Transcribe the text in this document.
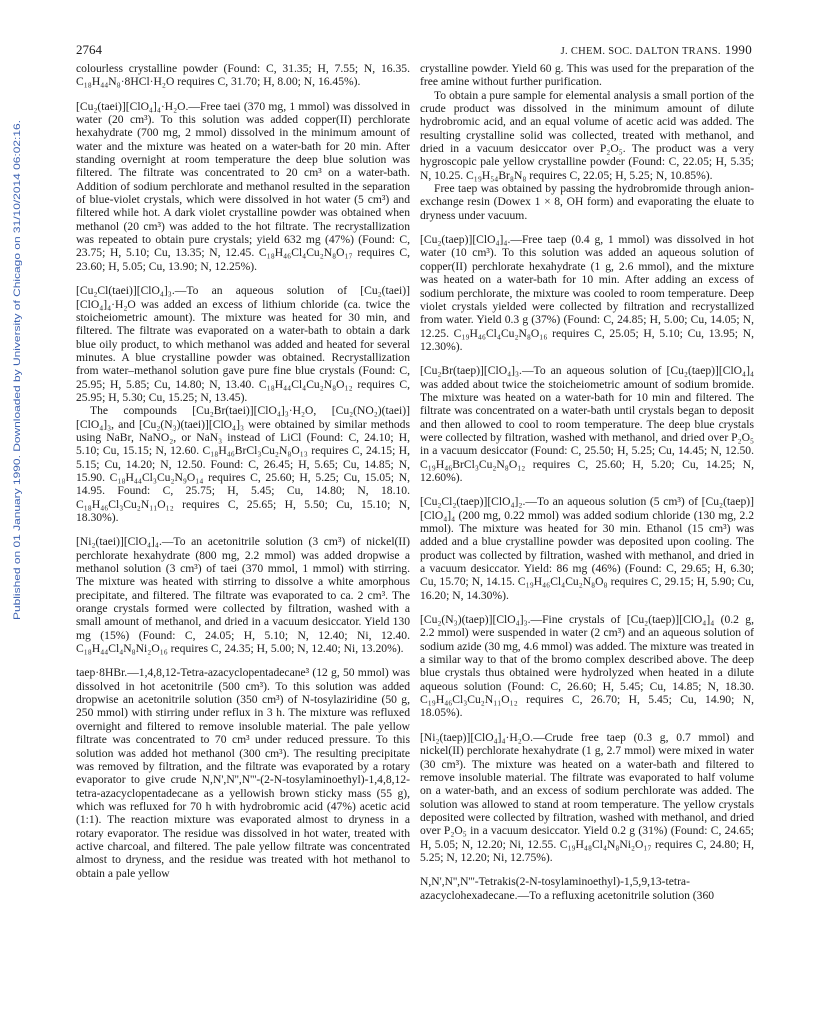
2764	J. CHEM. SOC. DALTON TRANS. 1990
Published on 01 January 1990. Downloaded by University of Chicago on 31/10/2014 06:02:16.

colourless crystalline powder (Found: C, 31.35; H, 7.55; N, 16.35. C₁₈H₄₄N₈·8HCl·H₂O requires C, 31.70; H, 8.00; N, 16.45%).

[Cu₂(taei)][ClO₄]₄·H₂O.—Free taei (370 mg, 1 mmol) was dissolved in water (20 cm³). To this solution was added copper(II) perchlorate hexahydrate (700 mg, 2 mmol) dissolved in the minimum amount of water and the mixture was heated on a water-bath for 20 min. After standing overnight at room temperature the deep blue solution was filtered. The filtrate was concentrated to 20 cm³ on a water-bath. Addition of sodium perchlorate and methanol resulted in the separation of blue-violet crystals, which were dissolved in hot water (5 cm³) and filtered while hot. A dark violet crystalline powder was obtained when methanol (20 cm³) was added to the hot filtrate. The recrystallization was repeated to obtain pure crystals; yield 632 mg (47%) (Found: C, 23.75; H, 5.10; Cu, 13.35; N, 12.45. C₁₈H₄₆Cl₄Cu₂N₈O₁₇ requires C, 23.60; H, 5.05; Cu, 13.90; N, 12.25%).

[Cu₂Cl(taei)][ClO₄]₃.—To an aqueous solution of [Cu₂(taei)][ClO₄]₄·H₂O was added an excess of lithium chloride (ca. twice the stoicheiometric amount). The mixture was heated for 30 min, and filtered. The filtrate was evaporated on a water-bath to obtain a dark blue oily product, to which methanol was added and heated for several minutes. A blue crystalline powder was obtained. Recrystallization from water–methanol solution gave pure fine blue crystals (Found: C, 25.95; H, 5.85; Cu, 14.80; N, 13.40. C₁₈H₄₄Cl₄Cu₂N₈O₁₂ requires C, 25.95; H, 5.30; Cu, 15.25; N, 13.45).

The compounds [Cu₂Br(taei)][ClO₄]₃·H₂O, [Cu₂(NO₂)(taei)][ClO₄]₃, and [Cu₂(N₃)(taei)][ClO₄]₃ were obtained by similar methods using NaBr, NaNO₂, or NaN₃ instead of LiCl (Found: C, 24.10; H, 5.10; Cu, 15.15; N, 12.60. C₁₈H₄₆BrCl₃Cu₂N₈O₁₃ requires C, 24.15; H, 5.15; Cu, 14.20; N, 12.50. Found: C, 26.45; H, 5.65; Cu, 14.85; N, 15.90. C₁₈H₄₄Cl₃Cu₂N₉O₁₄ requires C, 25.60; H, 5.25; Cu, 15.05; N, 14.95. Found: C, 25.75; H, 5.45; Cu, 14.80; N, 18.10. C₁₈H₄₆Cl₃Cu₂N₁₁O₁₂ requires C, 25.65; H, 5.50; Cu, 15.10; N, 18.30%).

[Ni₂(taei)][ClO₄]₄.—To an acetonitrile solution (3 cm³) of nickel(II) perchlorate hexahydrate (800 mg, 2.2 mmol) was added dropwise a methanol solution (3 cm³) of taei (370 mmol, 1 mmol) with stirring. The mixture was heated with stirring to dissolve a white amorphous precipitate, and filtered. The filtrate was evaporated to ca. 2 cm³. The orange crystals formed were collected by filtration, washed with a small amount of methanol, and dried in a vacuum desiccator. Yield 130 mg (15%) (Found: C, 24.05; H, 5.10; N, 12.40; Ni, 12.40. C₁₈H₄₄Cl₄N₈Ni₂O₁₆ requires C, 24.35; H, 5.00; N, 12.40; Ni, 13.20%).

taep·8HBr.—1,4,8,12-Tetra-azacyclopentadecane³ (12 g, 50 mmol) was dissolved in hot acetonitrile (500 cm³). To this solution was added dropwise an acetonitrile solution (350 cm³) of N-tosylaziridine (50 g, 250 mmol) with stirring under reflux in 3 h. The mixture was refluxed overnight and filtered to remove insoluble material. The pale yellow filtrate was concentrated to 70 cm³ under reduced pressure. To this solution was added hot methanol (300 cm³). The resulting precipitate was removed by filtration, and the filtrate was evaporated by a rotary evaporator to give crude N,N',N'',N'''-(2-N-tosylaminoethyl)-1,4,8,12-tetra-azacyclopentadecane as a yellowish brown sticky mass (55 g), which was refluxed for 70 h with hydrobromic acid (47%) acetic acid (1:1). The reaction mixture was evaporated almost to dryness in a rotary evaporator. The residue was dissolved in hot water, treated with active charcoal, and filtered. The pale yellow filtrate was concentrated almost to dryness, and the residue was treated with hot methanol to obtain a pale yellow

crystalline powder. Yield 60 g. This was used for the preparation of the free amine without further purification.

To obtain a pure sample for elemental analysis a small portion of the crude product was dissolved in the minimum amount of dilute hydrobromic acid, and an equal volume of acetic acid was added. The resulting crystalline solid was collected, treated with methanol, and dried in a vacuum desiccator over P₂O₅. The product was a very hygroscopic pale yellow crystalline powder (Found: C, 22.05; H, 5.35; N, 10.25. C₁₉H₅₄Br₈N₈ requires C, 22.05; H, 5.25; N, 10.85%).

Free taep was obtained by passing the hydrobromide through anion-exchange resin (Dowex 1 × 8, OH form) and evaporating the eluate to dryness under vacuum.

[Cu₂(taep)][ClO₄]₄.—Free taep (0.4 g, 1 mmol) was dissolved in hot water (10 cm³). To this solution was added an aqueous solution of copper(II) perchlorate hexahydrate (1 g, 2.6 mmol), and the mixture was heated on a water-bath for 10 min. After adding an excess of sodium perchlorate, the mixture was cooled to room temperature. Deep violet crystals yielded were collected by filtration and recrystallized from water. Yield 0.3 g (37%) (Found: C, 24.85; H, 5.00; Cu, 14.05; N, 12.25. C₁₉H₄₆Cl₄Cu₂N₈O₁₆ requires C, 25.05; H, 5.10; Cu, 13.95; N, 12.30%).

[Cu₂Br(taep)][ClO₄]₃.—To an aqueous solution of [Cu₂(taep)][ClO₄]₄ was added about twice the stoicheiometric amount of sodium bromide. The mixture was heated on a water-bath for 10 min and filtered. The filtrate was concentrated on a water-bath until crystals began to deposit and then allowed to cool to room temperature. The deep blue crystals were collected by filtration, washed with methanol, and dried over P₂O₅ in a vacuum desiccator (Found: C, 25.50; H, 5.25; Cu, 14.45; N, 12.50. C₁₉H₄₆BrCl₃Cu₂N₈O₁₂ requires C, 25.60; H, 5.20; Cu, 14.25; N, 12.60%).

[Cu₂Cl₂(taep)][ClO₄]₂.—To an aqueous solution (5 cm³) of [Cu₂(taep)][ClO₄]₄ (200 mg, 0.22 mmol) was added sodium chloride (130 mg, 2.2 mmol). The mixture was heated for 30 min. Ethanol (15 cm³) was added and a blue crystalline powder was deposited upon cooling. The product was collected by filtration, washed with methanol, and dried in a vacuum desiccator. Yield: 86 mg (46%) (Found: C, 29.65; H, 6.30; Cu, 15.70; N, 14.15. C₁₉H₄₆Cl₄Cu₂N₈O₈ requires C, 29.15; H, 5.90; Cu, 16.20; N, 14.30%).

[Cu₂(N₃)(taep)][ClO₄]₃.—Fine crystals of [Cu₂(taep)][ClO₄]₄ (0.2 g, 2.2 mmol) were suspended in water (2 cm³) and an aqueous solution of sodium azide (30 mg, 4.6 mmol) was added. The mixture was treated in a similar way to that of the bromo complex described above. The deep blue crystals thus obtained were hydrolyzed when heated in a dilute aqueous solution (Found: C, 26.60; H, 5.45; Cu, 14.85; N, 18.30. C₁₉H₄₆Cl₃Cu₂N₁₁O₁₂ requires C, 26.70; H, 5.45; Cu, 14.90; N, 18.05%).

[Ni₂(taep)][ClO₄]₄·H₂O.—Crude free taep (0.3 g, 0.7 mmol) and nickel(II) perchlorate hexahydrate (1 g, 2.7 mmol) were mixed in water (30 cm³). The mixture was heated on a water-bath and filtered to remove insoluble material. The filtrate was evaporated to half volume on a water-bath, and an excess of sodium perchlorate was added. The solution was allowed to stand at room temperature. The yellow crystals deposited were collected by filtration, washed with methanol, and dried over P₂O₅ in a vacuum desiccator. Yield 0.2 g (31%) (Found: C, 24.65; H, 5.05; N, 12.20; Ni, 12.55. C₁₉H₄₈Cl₄N₈Ni₂O₁₇ requires C, 24.80; H, 5.25; N, 12.20; Ni, 12.75%).

N,N',N'',N'''-Tetrakis(2-N-tosylaminoethyl)-1,5,9,13-tetra-azacyclohexadecane.—To a refluxing acetonitrile solution (360
